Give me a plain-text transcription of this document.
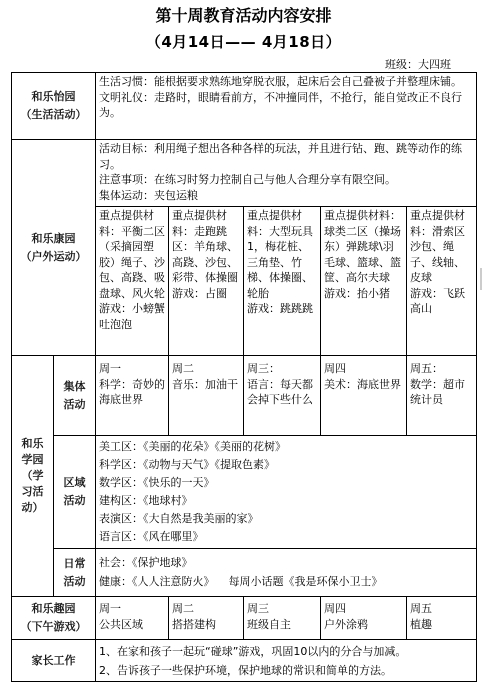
第十周教育活动内容安排
（4月14日—— 4月18日）
班级：大四班
和乐怡园
（生活活动）

生活习惯：能根据要求熟练地穿脱衣服，起床后会自己叠被子并整理床铺。

文明礼仪：走路时，眼睛看前方，不冲撞同伴，不抢行，能自觉改正不良行为。

和乐康园
（户外运动）

活动目标：利用绳子想出各种各样的玩法，并且进行钻、跑、跳等动作的练习。

注意事项：在练习时努力控制自己与他人合理分享有限空间。

集体运动：夹包运粮

重点提供材料：平衡二区（采摘园塑胶）绳子、沙包、高跷、吸盘球、风火轮
游戏：小螃蟹吐泡泡
重点提供材料：走跑跳区：羊角球、高跷、沙包、彩带、体操圈
游戏：占圈
重点提供材料：大型玩具1，梅花桩、三角垫、竹梯、体操圈、轮胎
游戏：跳跳跳
重点提供材料：球类二区（操场东）弹跳球\羽毛球、篮球、篮筐、高尔夫球
游戏：抬小猪
重点提供材料：滑索区沙包、绳子、线轴、皮球
游戏：飞跃高山
和乐
学园
（学
习活
动）
集体
活动
周一
科学：奇妙的海底世界
周二
音乐：加油干
周三：
语言：每天都会掉下些什么
周四
美术：海底世界
周五：
数学：超市统计员
区域
活动

美工区：《美丽的花朵》《美丽的花树》

科学区：《动物与天气》《提取色素》

数学区：《快乐的一天》

建构区：《地球村》

表演区：《大自然是我美丽的家》

语言区：《风在哪里》

日常
活动

社会：《保护地球》

健康：《人人注意防火》    每周小话题《我是环保小卫士》

和乐趣园
（下午游戏）
周一
公共区域
周二
搭搭建构
周三
班级自主
周四
户外涂鸦
周五
植趣
家长工作

1、在家和孩子一起玩“碰球”游戏，巩固10以内的分合与加减。

2、告诉孩子一些保护环境，保护地球的常识和简单的方法。
